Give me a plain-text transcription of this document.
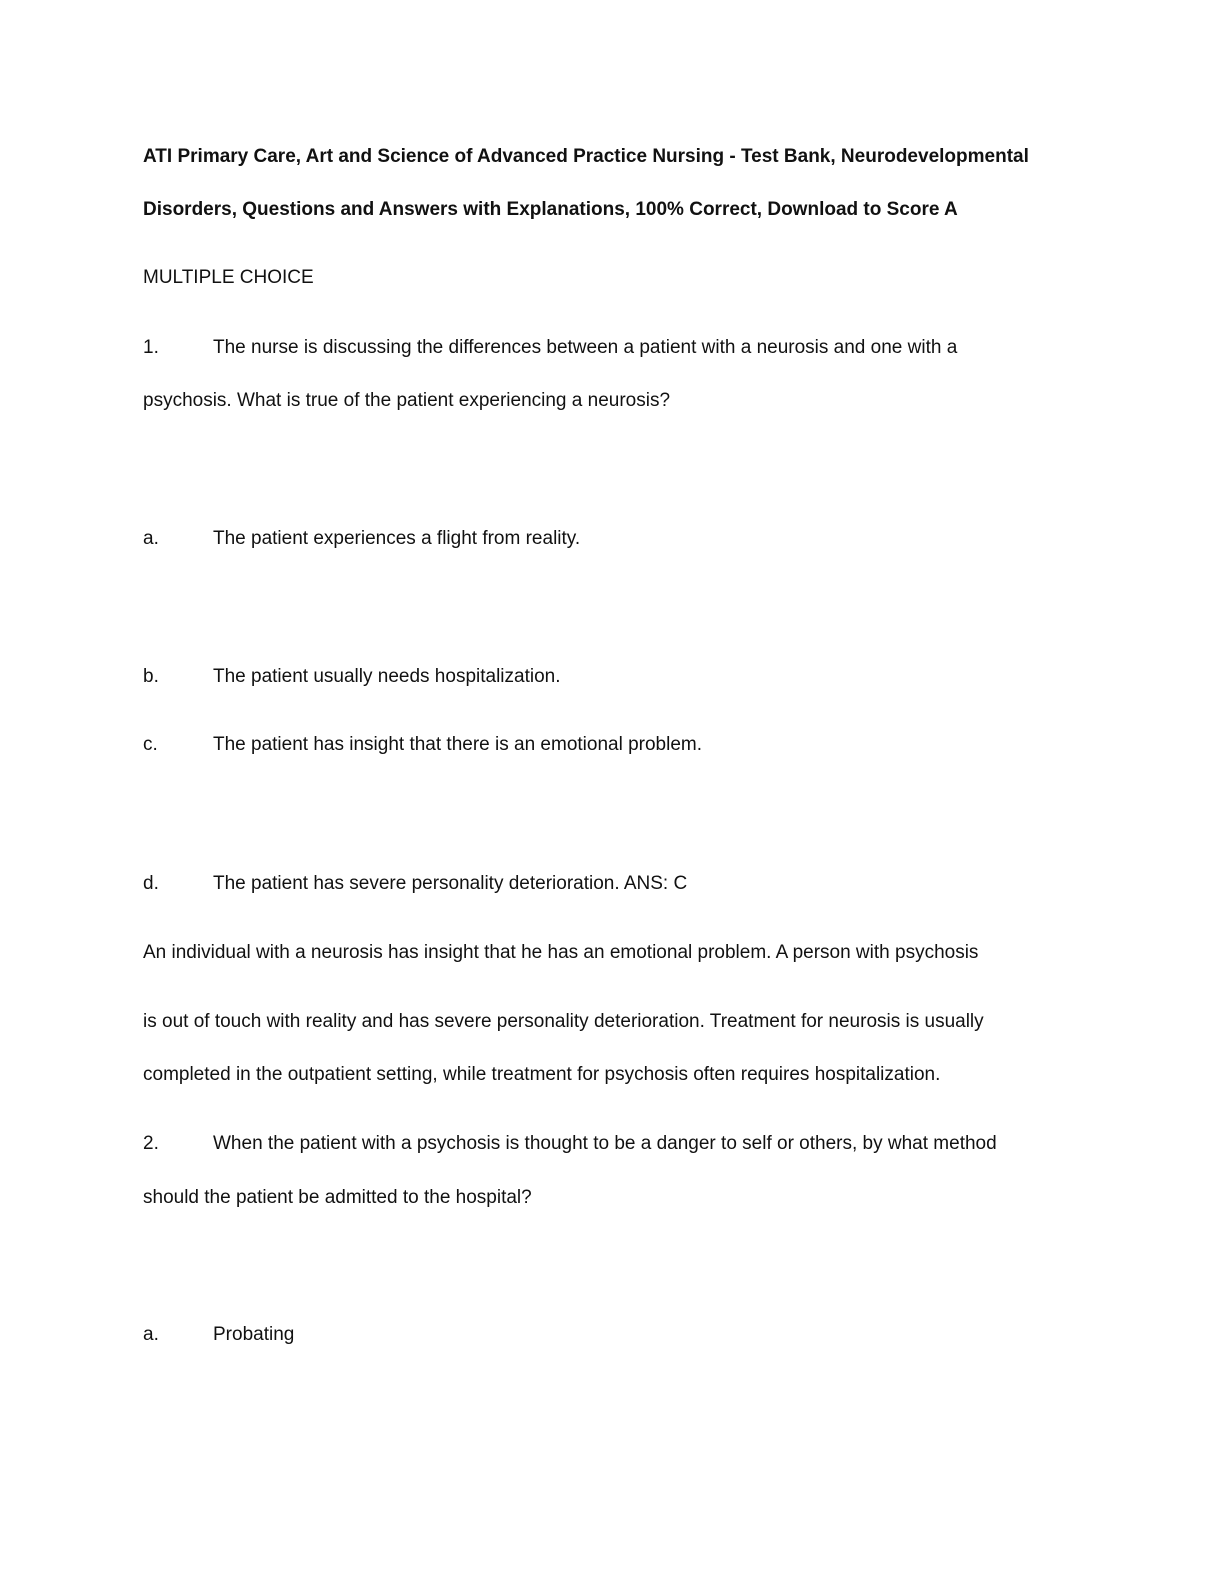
ATI Primary Care, Art and Science of Advanced Practice Nursing - Test Bank, Neurodevelopmental

Disorders, Questions and Answers with Explanations, 100% Correct, Download to Score A

MULTIPLE CHOICE

1.	The nurse is discussing the differences between a patient with a neurosis and one with a

psychosis. What is true of the patient experiencing a neurosis?

a.	The patient experiences a flight from reality.
b.	The patient usually needs hospitalization.
c.	The patient has insight that there is an emotional problem.
d.	The patient has severe personality deterioration. ANS: C

An individual with a neurosis has insight that he has an emotional problem. A person with psychosis

is out of touch with reality and has severe personality deterioration. Treatment for neurosis is usually

completed in the outpatient setting, while treatment for psychosis often requires hospitalization.

2.	When the patient with a psychosis is thought to be a danger to self or others, by what method

should the patient be admitted to the hospital?

a.	Probating
